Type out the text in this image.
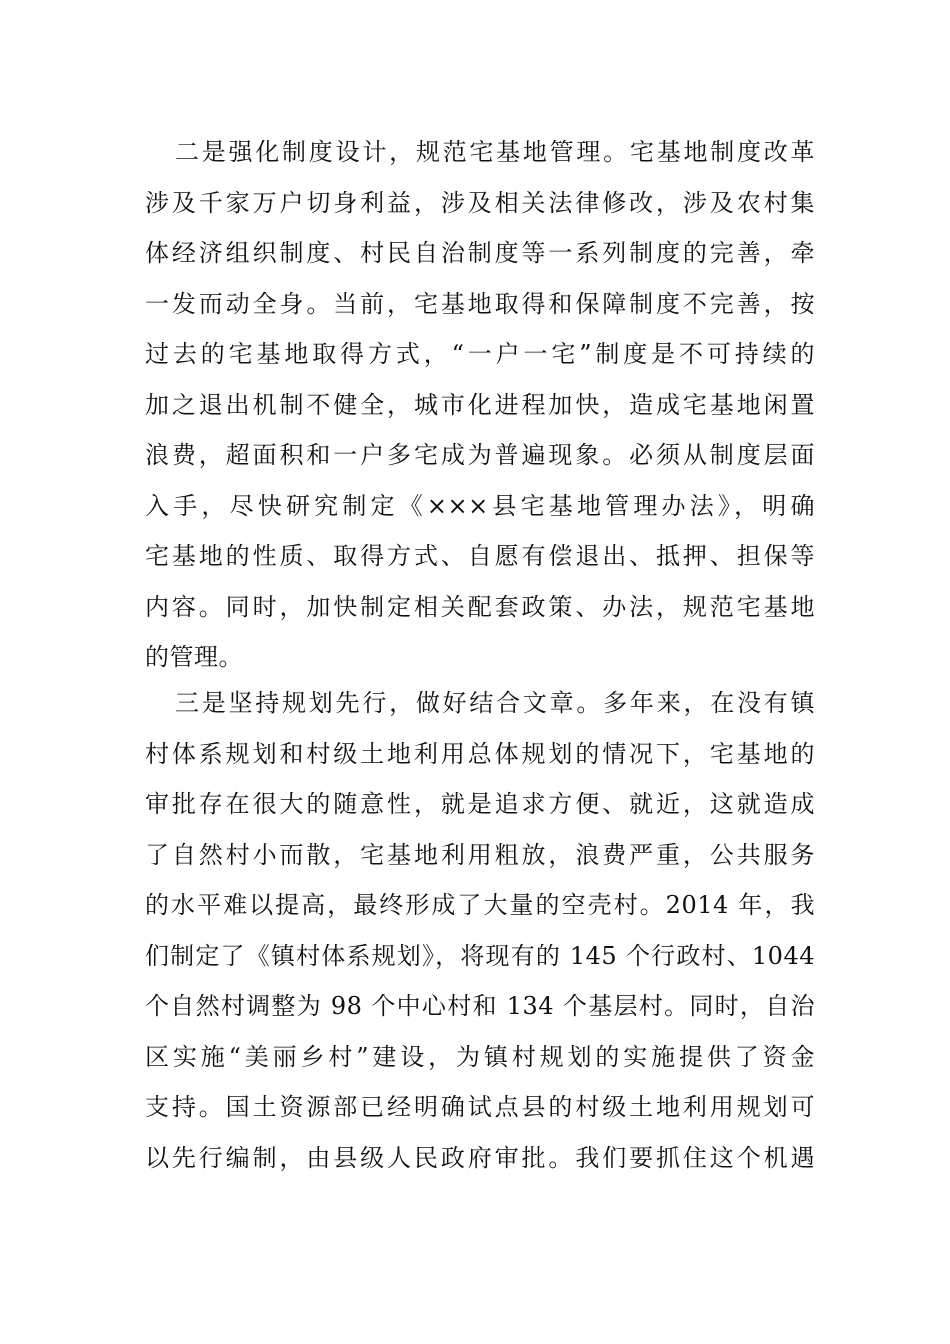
二是强化制度设计，规范宅基地管理。宅基地制度改革
涉及千家万户切身利益，涉及相关法律修改，涉及农村集
体经济组织制度、村民自治制度等一系列制度的完善，牵
一发而动全身。当前，宅基地取得和保障制度不完善，按
过去的宅基地取得方式，“一户一宅”制度是不可持续的
加之退出机制不健全，城市化进程加快，造成宅基地闲置
浪费，超面积和一户多宅成为普遍现象。必须从制度层面
入手，尽快研究制定《×××县宅基地管理办法》，明确
宅基地的性质、取得方式、自愿有偿退出、抵押、担保等
内容。同时，加快制定相关配套政策、办法，规范宅基地
的管理。
三是坚持规划先行，做好结合文章。多年来，在没有镇
村体系规划和村级土地利用总体规划的情况下，宅基地的
审批存在很大的随意性，就是追求方便、就近，这就造成
了自然村小而散，宅基地利用粗放，浪费严重，公共服务
的水平难以提高，最终形成了大量的空壳村。2014 年，我
们制定了《镇村体系规划》，将现有的 145 个行政村、1044
个自然村调整为 98 个中心村和 134 个基层村。同时，自治
区实施“美丽乡村”建设，为镇村规划的实施提供了资金
支持。国土资源部已经明确试点县的村级土地利用规划可
以先行编制，由县级人民政府审批。我们要抓住这个机遇
